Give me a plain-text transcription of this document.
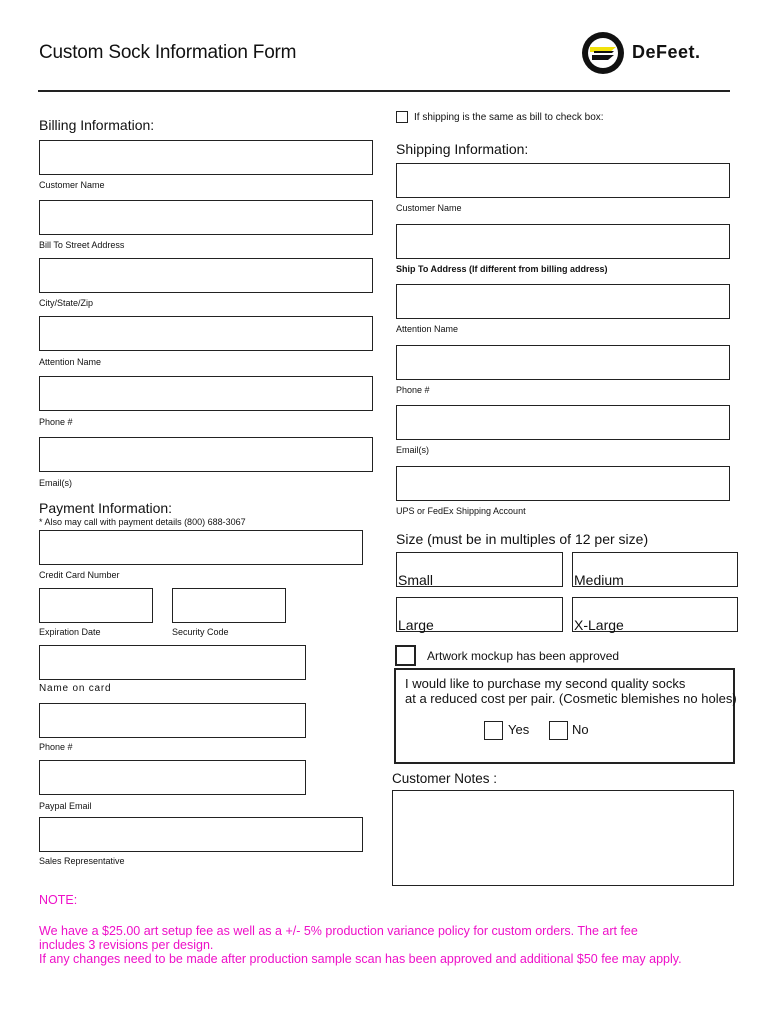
Custom Sock Information Form	DeFeet.
Billing Information:
Customer Name
Bill To Street Address
City/State/Zip
Attention Name
Phone #
Email(s)
Payment Information:
* Also may call with payment details (800) 688-3067
Credit Card Number
Expiration Date	Security Code
Name on card
Phone #
Paypal Email
Sales Representative
If shipping is the same as bill to check box:
Shipping Information:
Customer Name
Ship To Address (If different from billing address)
Attention Name
Phone #
Email(s)
UPS or FedEx Shipping Account
Size (must be in multiples of 12 per size)
Small	Medium
Large	X-Large
Artwork mockup has been approved
I would like to purchase my second quality socks
at a reduced cost per pair. (Cosmetic blemishes no holes)
Yes	No
Customer Notes :
NOTE:
We have a $25.00 art setup fee as well as a +/- 5% production variance policy for custom orders. The art fee
includes 3 revisions per design.
If any changes need to be made after production sample scan has been approved and additional $50 fee may apply.
